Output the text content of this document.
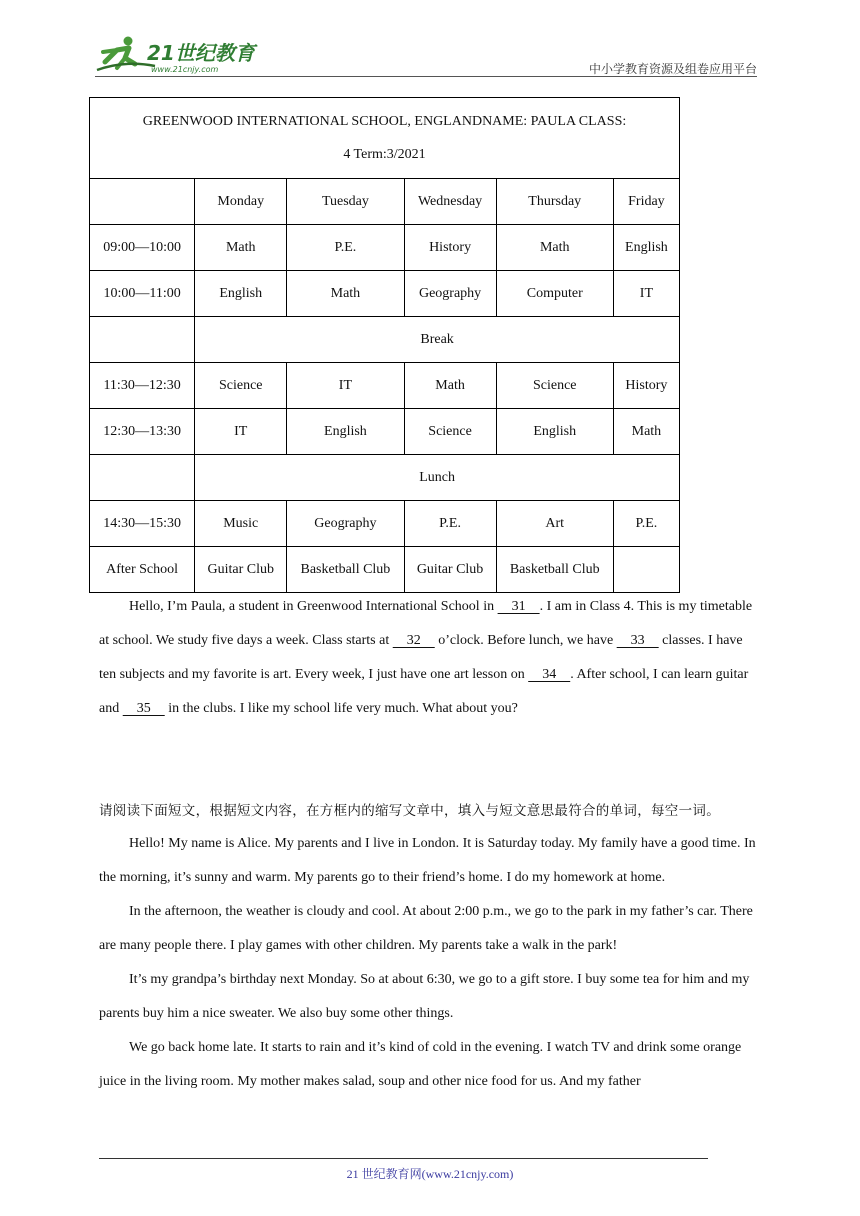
21世纪教育
www.21cnjy.com	中小学教育资源及组卷应用平台
GREENWOOD INTERNATIONAL SCHOOL, ENGLANDNAME: PAULA CLASS:
4 Term:3/2021					
	Monday	Tuesday	Wednesday	Thursday	Friday
09:00—10:00	Math	P.E.	History	Math	English
10:00—11:00	English	Math	Geography	Computer	IT
	Break				
11:30—12:30	Science	IT	Math	Science	History
12:30—13:30	IT	English	Science	English	Math
	Lunch				
14:30—15:30	Music	Geography	P.E.	Art	P.E.
After School	Guitar Club	Basketball Club	Guitar Club	Basketball Club	
Hello, I’m Paula, a student in Greenwood International School in     31    . I am in Class 4. This is my timetable at school. We study five days a week. Class starts at     32     o’clock. Before lunch, we have     33     classes. I have ten subjects and my favorite is art. Every week, I just have one art lesson on     34    . After school, I can learn guitar and     35     in the clubs. I like my school life very much. What about you?
请阅读下面短文，根据短文内容，在方框内的缩写文章中，填入与短文意思最符合的单词，每空一词。
Hello! My name is Alice. My parents and I live in London. It is Saturday today. My family have a good time. In the morning, it’s sunny and warm. My parents go to their friend’s home. I do my homework at home.
In the afternoon, the weather is cloudy and cool. At about 2:00 p.m., we go to the park in my father’s car. There are many people there. I play games with other children. My parents take a walk in the park!
It’s my grandpa’s birthday next Monday. So at about 6:30, we go to a gift store. I buy some tea for him and my parents buy him a nice sweater. We also buy some other things.
We go back home late. It starts to rain and it’s kind of cold in the evening. I watch TV and drink some orange juice in the living room. My mother makes salad, soup and other nice food for us. And my father
21 世纪教育网(www.21cnjy.com)
